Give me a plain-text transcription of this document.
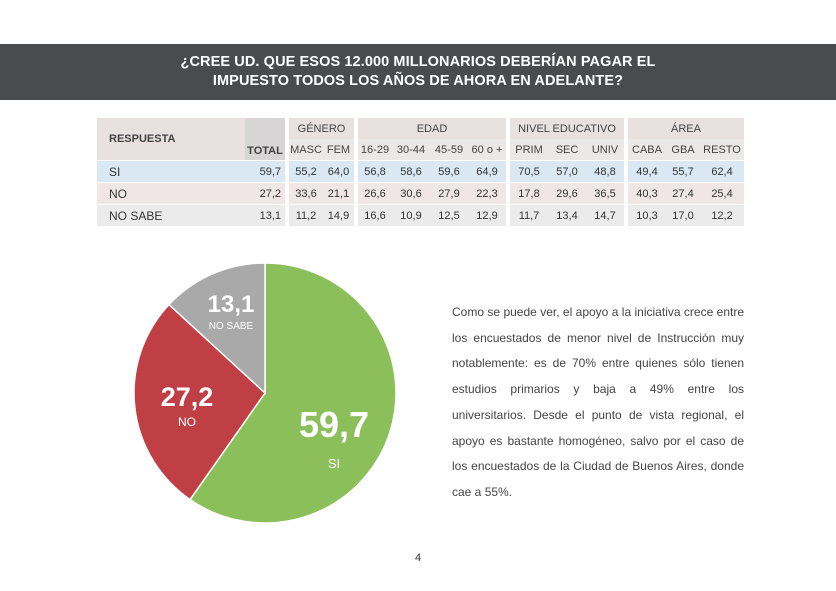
¿CREE UD. QUE ESOS 12.000 MILLONARIOS DEBERÍAN PAGAR EL
IMPUESTO TODOS LOS AÑOS DE AHORA EN ADELANTE?
RESPUESTA	TOTAL		GÉNERO			EDAD					NIVEL EDUCATIVO				ÁREA		
			MASC	FEM		16-29	30-44	45-59	60 o +		PRIM	SEC	UNIV		CABA	GBA	RESTO

SI	59,7		55,2	64,0		56,8	58,6	59,6	64,9		70,5	57,0	48,8		49,4	55,7	62,4

NO	27,2		33,6	21,1		26,6	30,6	27,9	22,3		17,8	29,6	36,5		40,3	27,4	25,4

NO SABE	13,1		11,2	14,9		16,6	10,9	12,5	12,9		11,7	13,4	14,7		10,3	17,0	12,2
59,7
SI
27,2
NO
13,1
NO SABE
Como se puede ver, el apoyo a la iniciativa crece entre los encuestados de menor nivel de Instrucción muy notablemente: es de 70% entre quienes sólo tienen estudios primarios y baja a 49% entre los universitarios. Desde el punto de vista regional, el apoyo es bastante homogéneo, salvo por el caso de los encuestados de la Ciudad de Buenos Aires, donde cae a 55%.
4
